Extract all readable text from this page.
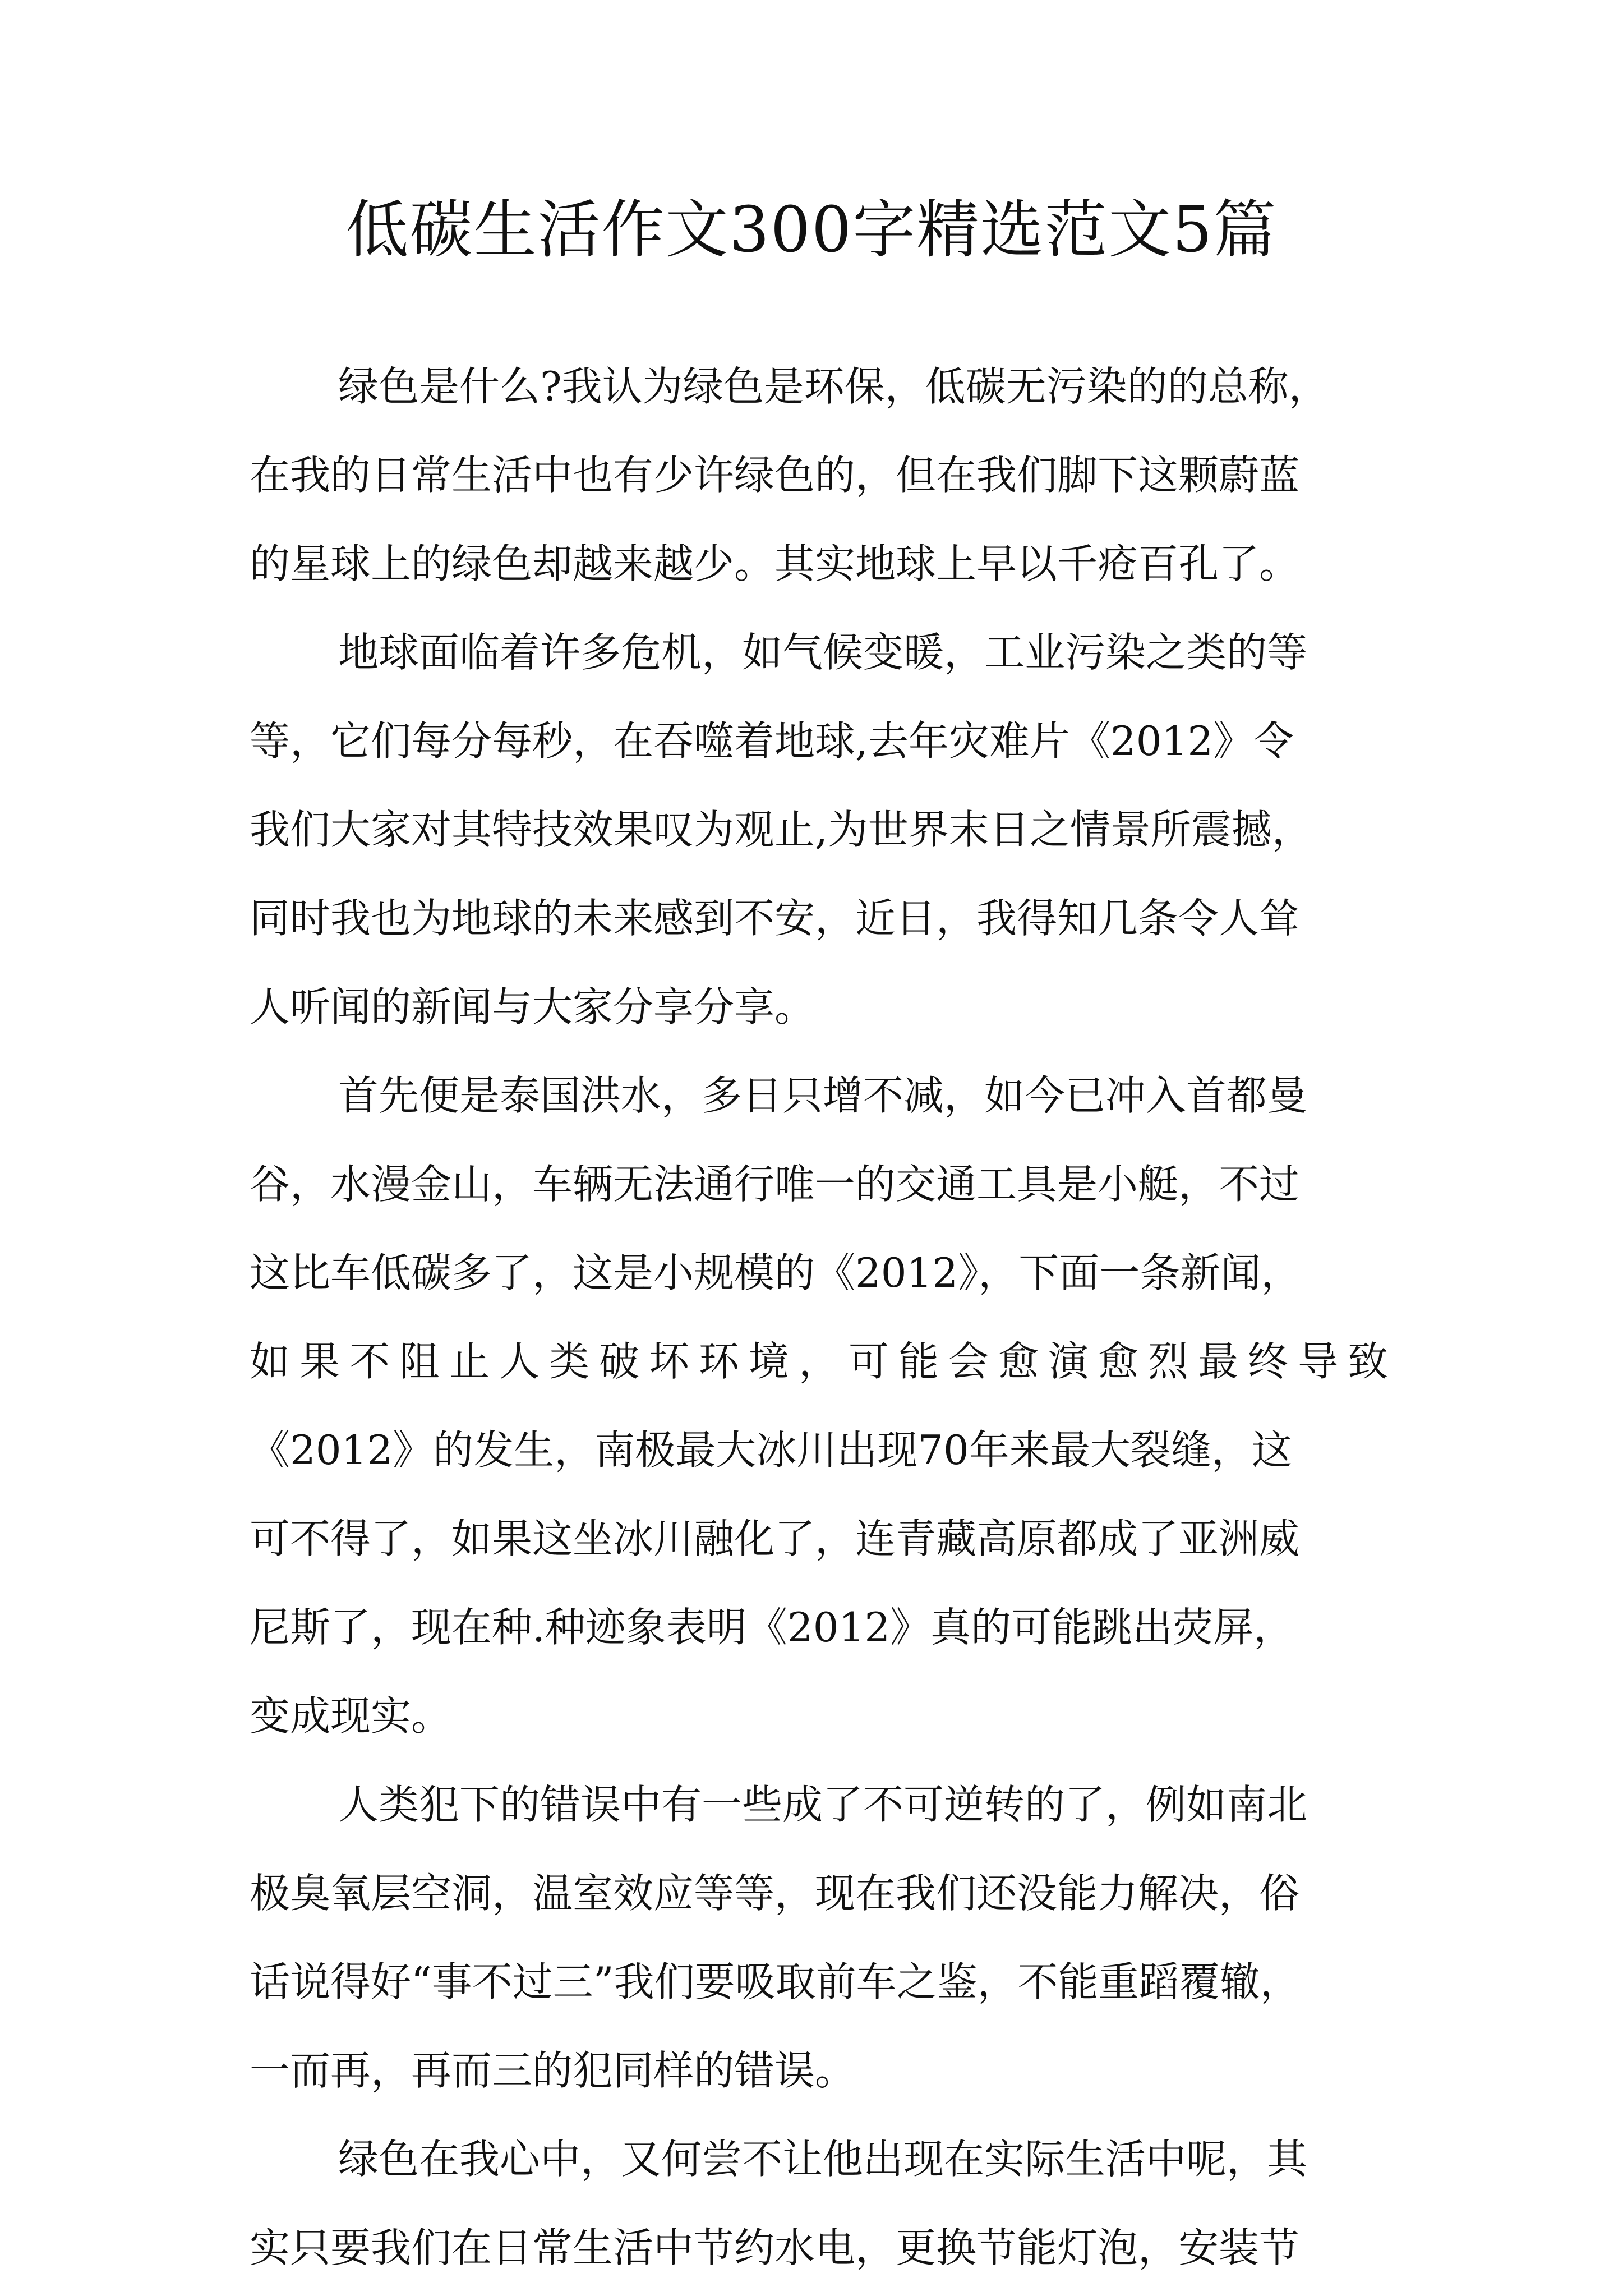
低碳生活作文300字精选范文5篇
绿色是什么?我认为绿色是环保，低碳无污染的的总称，
在我的日常生活中也有少许绿色的，但在我们脚下这颗蔚蓝
的星球上的绿色却越来越少。其实地球上早以千疮百孔了。
地球面临着许多危机，如气候变暖，工业污染之类的等
等，它们每分每秒，在吞噬着地球,去年灾难片《2012》令
我们大家对其特技效果叹为观止,为世界末日之情景所震撼，
同时我也为地球的未来感到不安，近日，我得知几条令人耸
人听闻的新闻与大家分享分享。
首先便是泰国洪水，多日只增不减，如今已冲入首都曼
谷，水漫金山，车辆无法通行唯一的交通工具是小艇，不过
这比车低碳多了，这是小规模的《2012》，下面一条新闻，
如果不阻止人类破坏环境，可能会愈演愈烈最终导致
《2012》的发生，南极最大冰川出现70年来最大裂缝，这
可不得了，如果这坐冰川融化了，连青藏高原都成了亚洲威
尼斯了，现在种.种迹象表明《2012》真的可能跳出荧屏，
变成现实。
人类犯下的错误中有一些成了不可逆转的了，例如南北
极臭氧层空洞，温室效应等等，现在我们还没能力解决，俗
话说得好“事不过三”我们要吸取前车之鉴，不能重蹈覆辙，
一而再，再而三的犯同样的错误。
绿色在我心中，又何尝不让他出现在实际生活中呢，其
实只要我们在日常生活中节约水电，更换节能灯泡，安装节
